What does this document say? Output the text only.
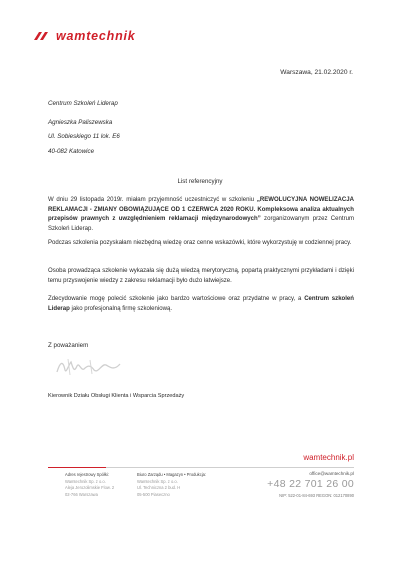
wamtechnik
Warszawa, 21.02.2020 r.
Centrum Szkoleń Liderap
Agnieszka Paliszewska
Ul. Sobieskiego 11 lok. E6
40-082 Katowice
List referencyjny
W dniu 29 listopada 2019r. miałam przyjemność uczestniczyć w szkoleniu „REWOLUCYJNA NOWELIZACJA REKLAMACJI - ZMIANY OBOWIĄZUJĄCE OD 1 CZERWCA 2020 ROKU. Kompleksowa analiza aktualnych przepisów prawnych z uwzględnieniem reklamacji międzynarodowych” zorganizowanym przez Centrum Szkoleń Liderap.
Podczas szkolenia pozyskałam niezbędną wiedzę oraz cenne wskazówki, które wykorzystuję w codziennej pracy.
Osoba prowadząca szkolenie wykazała się dużą wiedzą merytoryczną, popartą praktycznymi przykładami i dzięki temu przyswojenie wiedzy z zakresu reklamacji było dużo łatwiejsze.
Zdecydowanie mogę polecić szkolenie jako bardzo wartościowe oraz przydatne w pracy, a Centrum szkoleń Liderap jako profesjonalną firmę szkoleniową.
Z poważaniem
Kierownik Działu Obsługi Klienta i Wsparcia Sprzedaży
wamtechnik.pl
Adres rejestrowy Spółki:
Wamtechnik Sp. z o.o.
Aleja Jerozolimskie Flow. 2
02-766 Warszawa
Biuro Zarządu • Magazyn • Produkcja:
Wamtechnik Sp. z o.o.
Ul. Techniczna 2 bud. H
05-500 Piaseczno
office@wamtechnik.pl
+48 22 701 26 00
NIP: 522-01-84-693 REGON: 012170890
